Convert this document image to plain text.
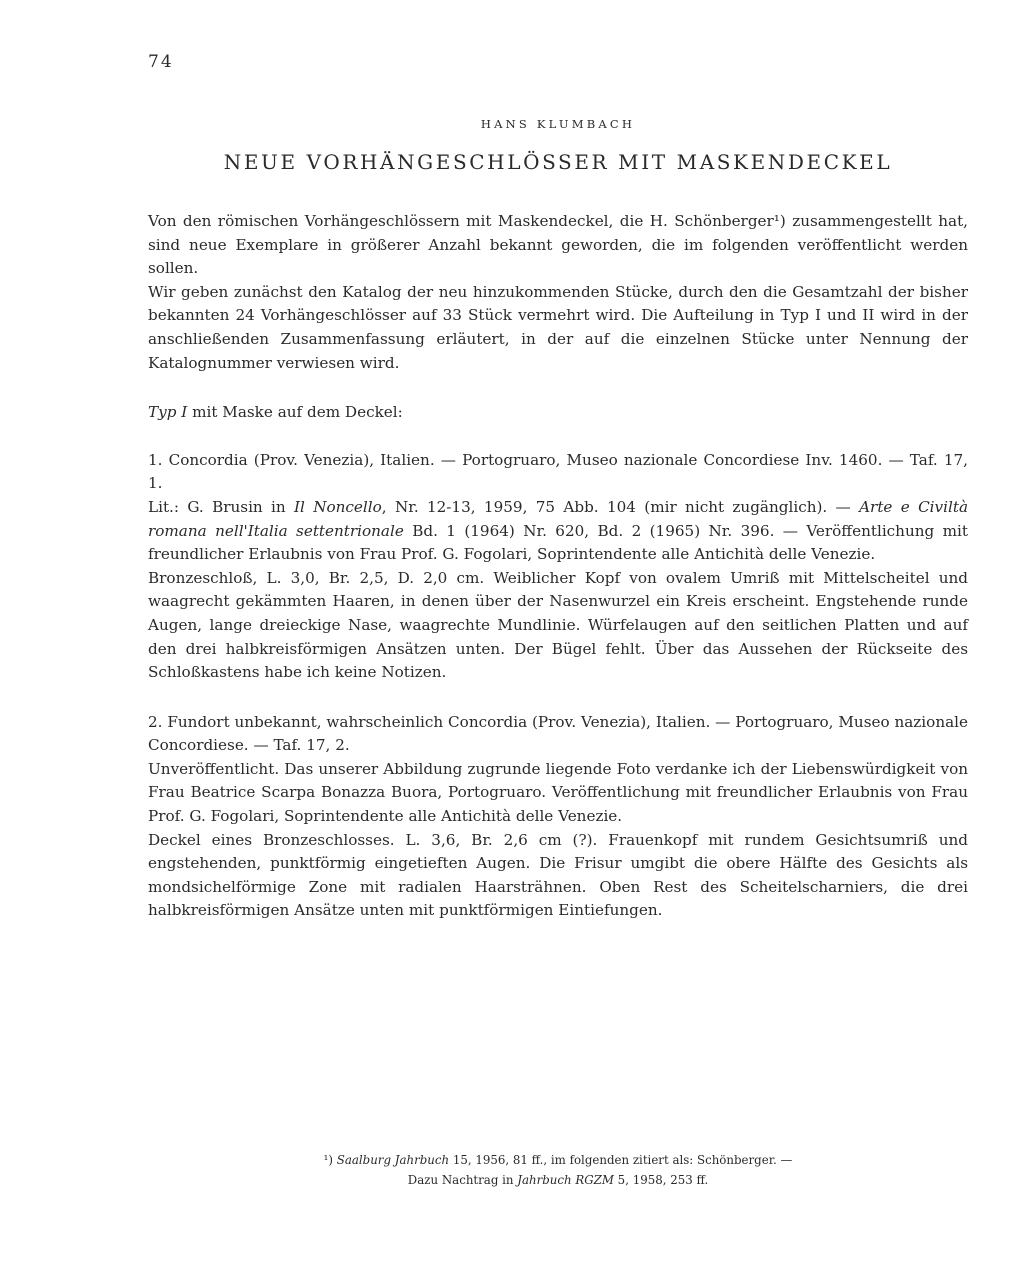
74
HANS KLUMBACH
NEUE VORHÄNGESCHLÖSSER MIT MASKENDECKEL

Von den römischen Vorhängeschlössern mit Maskendeckel, die H. Schönberger¹) zusammengestellt hat, sind neue Exemplare in größerer Anzahl bekannt geworden, die im folgenden veröffentlicht werden sollen.

Wir geben zunächst den Katalog der neu hinzukommenden Stücke, durch den die Gesamtzahl der bisher bekannten 24 Vorhängeschlösser auf 33 Stück vermehrt wird. Die Aufteilung in Typ I und II wird in der anschließenden Zusammenfassung erläutert, in der auf die einzelnen Stücke unter Nennung der Katalognummer verwiesen wird.

Typ I mit Maske auf dem Deckel:

1. Concordia (Prov. Venezia), Italien. — Portogruaro, Museo nazionale Concordiese Inv. 1460. — Taf. 17, 1.

Lit.: G. Brusin in Il Noncello, Nr. 12-13, 1959, 75 Abb. 104 (mir nicht zugänglich). — Arte e Civiltà romana nell'Italia settentrionale Bd. 1 (1964) Nr. 620, Bd. 2 (1965) Nr. 396. — Veröffentlichung mit freundlicher Erlaubnis von Frau Prof. G. Fogolari, Soprintendente alle Antichità delle Venezie.

Bronzeschloß, L. 3,0, Br. 2,5, D. 2,0 cm. Weiblicher Kopf von ovalem Umriß mit Mittelscheitel und waagrecht gekämmten Haaren, in denen über der Nasenwurzel ein Kreis erscheint. Engstehende runde Augen, lange dreieckige Nase, waagrechte Mundlinie. Würfelaugen auf den seitlichen Platten und auf den drei halbkreisförmigen Ansätzen unten. Der Bügel fehlt. Über das Aussehen der Rückseite des Schloßkastens habe ich keine Notizen.

2. Fundort unbekannt, wahrscheinlich Concordia (Prov. Venezia), Italien. — Portogruaro, Museo nazionale Concordiese. — Taf. 17, 2.

Unveröffentlicht. Das unserer Abbildung zugrunde liegende Foto verdanke ich der Liebenswürdigkeit von Frau Beatrice Scarpa Bonazza Buora, Portogruaro. Veröffentlichung mit freundlicher Erlaubnis von Frau Prof. G. Fogolari, Soprintendente alle Antichità delle Venezie.

Deckel eines Bronzeschlosses. L. 3,6, Br. 2,6 cm (?). Frauenkopf mit rundem Gesichtsumriß und engstehenden, punktförmig eingetieften Augen. Die Frisur umgibt die obere Hälfte des Gesichts als mondsichelförmige Zone mit radialen Haarsträhnen. Oben Rest des Scheitelscharniers, die drei halbkreisförmigen Ansätze unten mit punktförmigen Eintiefungen.

¹) Saalburg Jahrbuch 15, 1956, 81 ff., im folgenden zitiert als: Schönberger. —
Dazu Nachtrag in Jahrbuch RGZM 5, 1958, 253 ff.
